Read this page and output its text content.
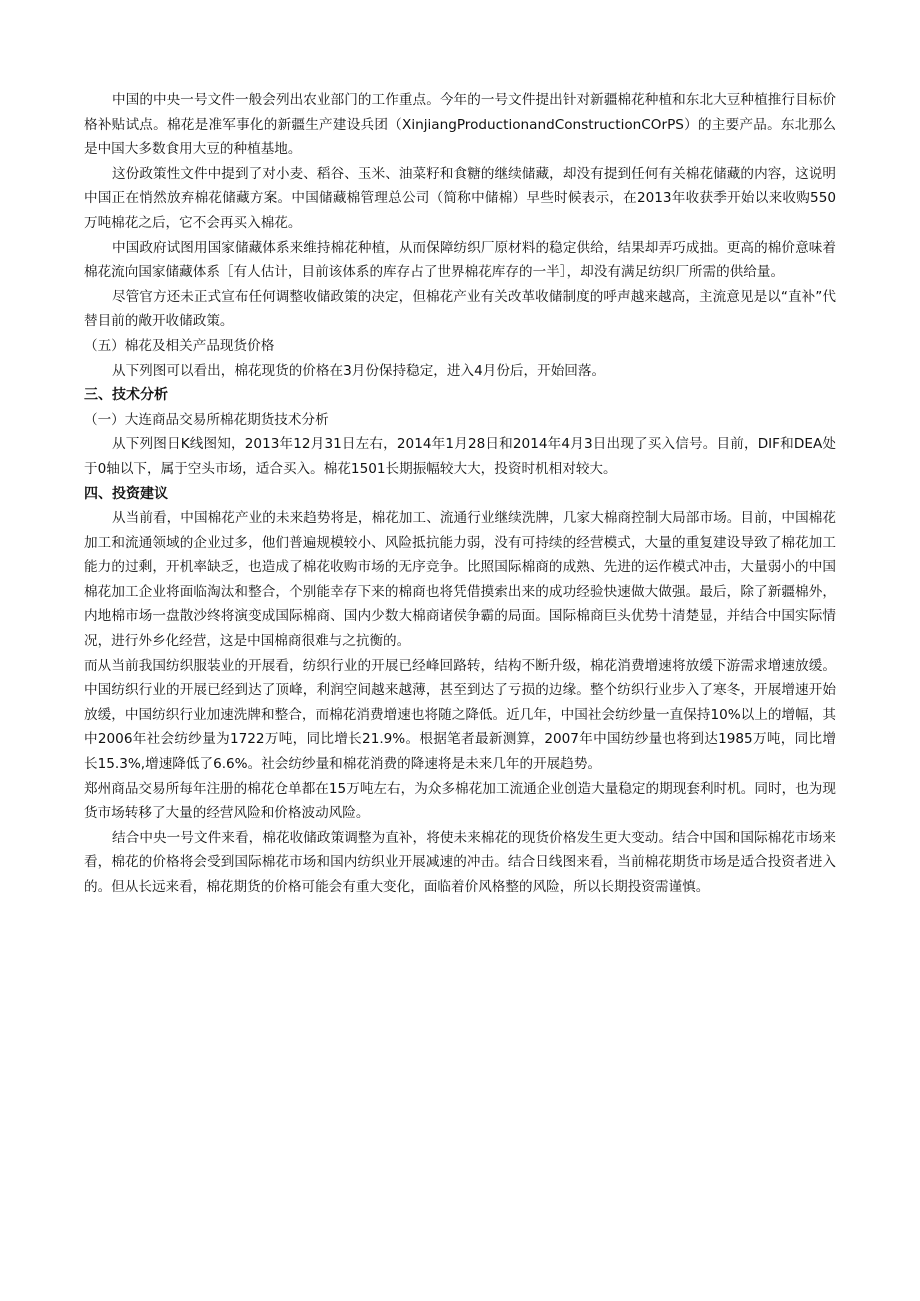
中国的中央一号文件一般会列出农业部门的工作重点。今年的一号文件提出针对新疆棉花种植和东北大豆种植推行目标价格补贴试点。棉花是准军事化的新疆生产建设兵团（XinjiangProductionandConstructionCOrPS）的主要产品。东北那么是中国大多数食用大豆的种植基地。

这份政策性文件中提到了对小麦、稻谷、玉米、油菜籽和食糖的继续储藏，却没有提到任何有关棉花储藏的内容，这说明中国正在悄然放弃棉花储藏方案。中国储藏棉管理总公司（简称中储棉）早些时候表示，在2013年收获季开始以来收购550万吨棉花之后，它不会再买入棉花。

中国政府试图用国家储藏体系来维持棉花种植，从而保障纺织厂原材料的稳定供给，结果却弄巧成拙。更高的棉价意味着棉花流向国家储藏体系［有人估计，目前该体系的库存占了世界棉花库存的一半］，却没有满足纺织厂所需的供给量。

尽管官方还未正式宣布任何调整收储政策的决定，但棉花产业有关改革收储制度的呼声越来越高，主流意见是以“直补”代替目前的敞开收储政策。

（五）棉花及相关产品现货价格

从下列图可以看出，棉花现货的价格在3月份保持稳定，进入4月份后，开始回落。

三、技术分析

（一）大连商品交易所棉花期货技术分析

从下列图日K线图知，2013年12月31日左右，2014年1月28日和2014年4月3日出现了买入信号。目前，DIF和DEA处于0轴以下，属于空头市场，适合买入。棉花1501长期振幅较大大，投资时机相对较大。

四、投资建议

从当前看，中国棉花产业的未来趋势将是，棉花加工、流通行业继续洗牌，几家大棉商控制大局部市场。目前，中国棉花加工和流通领域的企业过多，他们普遍规模较小、风险抵抗能力弱，没有可持续的经营模式，大量的重复建设导致了棉花加工能力的过剩，开机率缺乏，也造成了棉花收购市场的无序竞争。比照国际棉商的成熟、先进的运作模式冲击，大量弱小的中国棉花加工企业将面临淘汰和整合，个别能幸存下来的棉商也将凭借摸索出来的成功经验快速做大做强。最后，除了新疆棉外，内地棉市场一盘散沙终将演变成国际棉商、国内少数大棉商诸侯争霸的局面。国际棉商巨头优势十清楚显，并结合中国实际情况，进行外乡化经营，这是中国棉商很难与之抗衡的。

而从当前我国纺织服装业的开展看，纺织行业的开展已经峰回路转，结构不断升级，棉花消费增速将放缓下游需求增速放缓。中国纺织行业的开展已经到达了顶峰，利润空间越来越薄，甚至到达了亏损的边缘。整个纺织行业步入了寒冬，开展增速开始放缓，中国纺织行业加速洗牌和整合，而棉花消费增速也将随之降低。近几年，中国社会纺纱量一直保持10%以上的增幅，其中2006年社会纺纱量为1722万吨，同比增长21.9%。根据笔者最新测算，2007年中国纺纱量也将到达1985万吨，同比增长15.3%,增速降低了6.6%。社会纺纱量和棉花消费的降速将是未来几年的开展趋势。

郑州商品交易所每年注册的棉花仓单都在15万吨左右，为众多棉花加工流通企业创造大量稳定的期现套利时机。同时，也为现货市场转移了大量的经营风险和价格波动风险。

结合中央一号文件来看，棉花收储政策调整为直补，将使未来棉花的现货价格发生更大变动。结合中国和国际棉花市场来看，棉花的价格将会受到国际棉花市场和国内纺织业开展减速的冲击。结合日线图来看，当前棉花期货市场是适合投资者进入的。但从长远来看，棉花期货的价格可能会有重大变化，面临着价风格整的风险，所以长期投资需谨慎。
